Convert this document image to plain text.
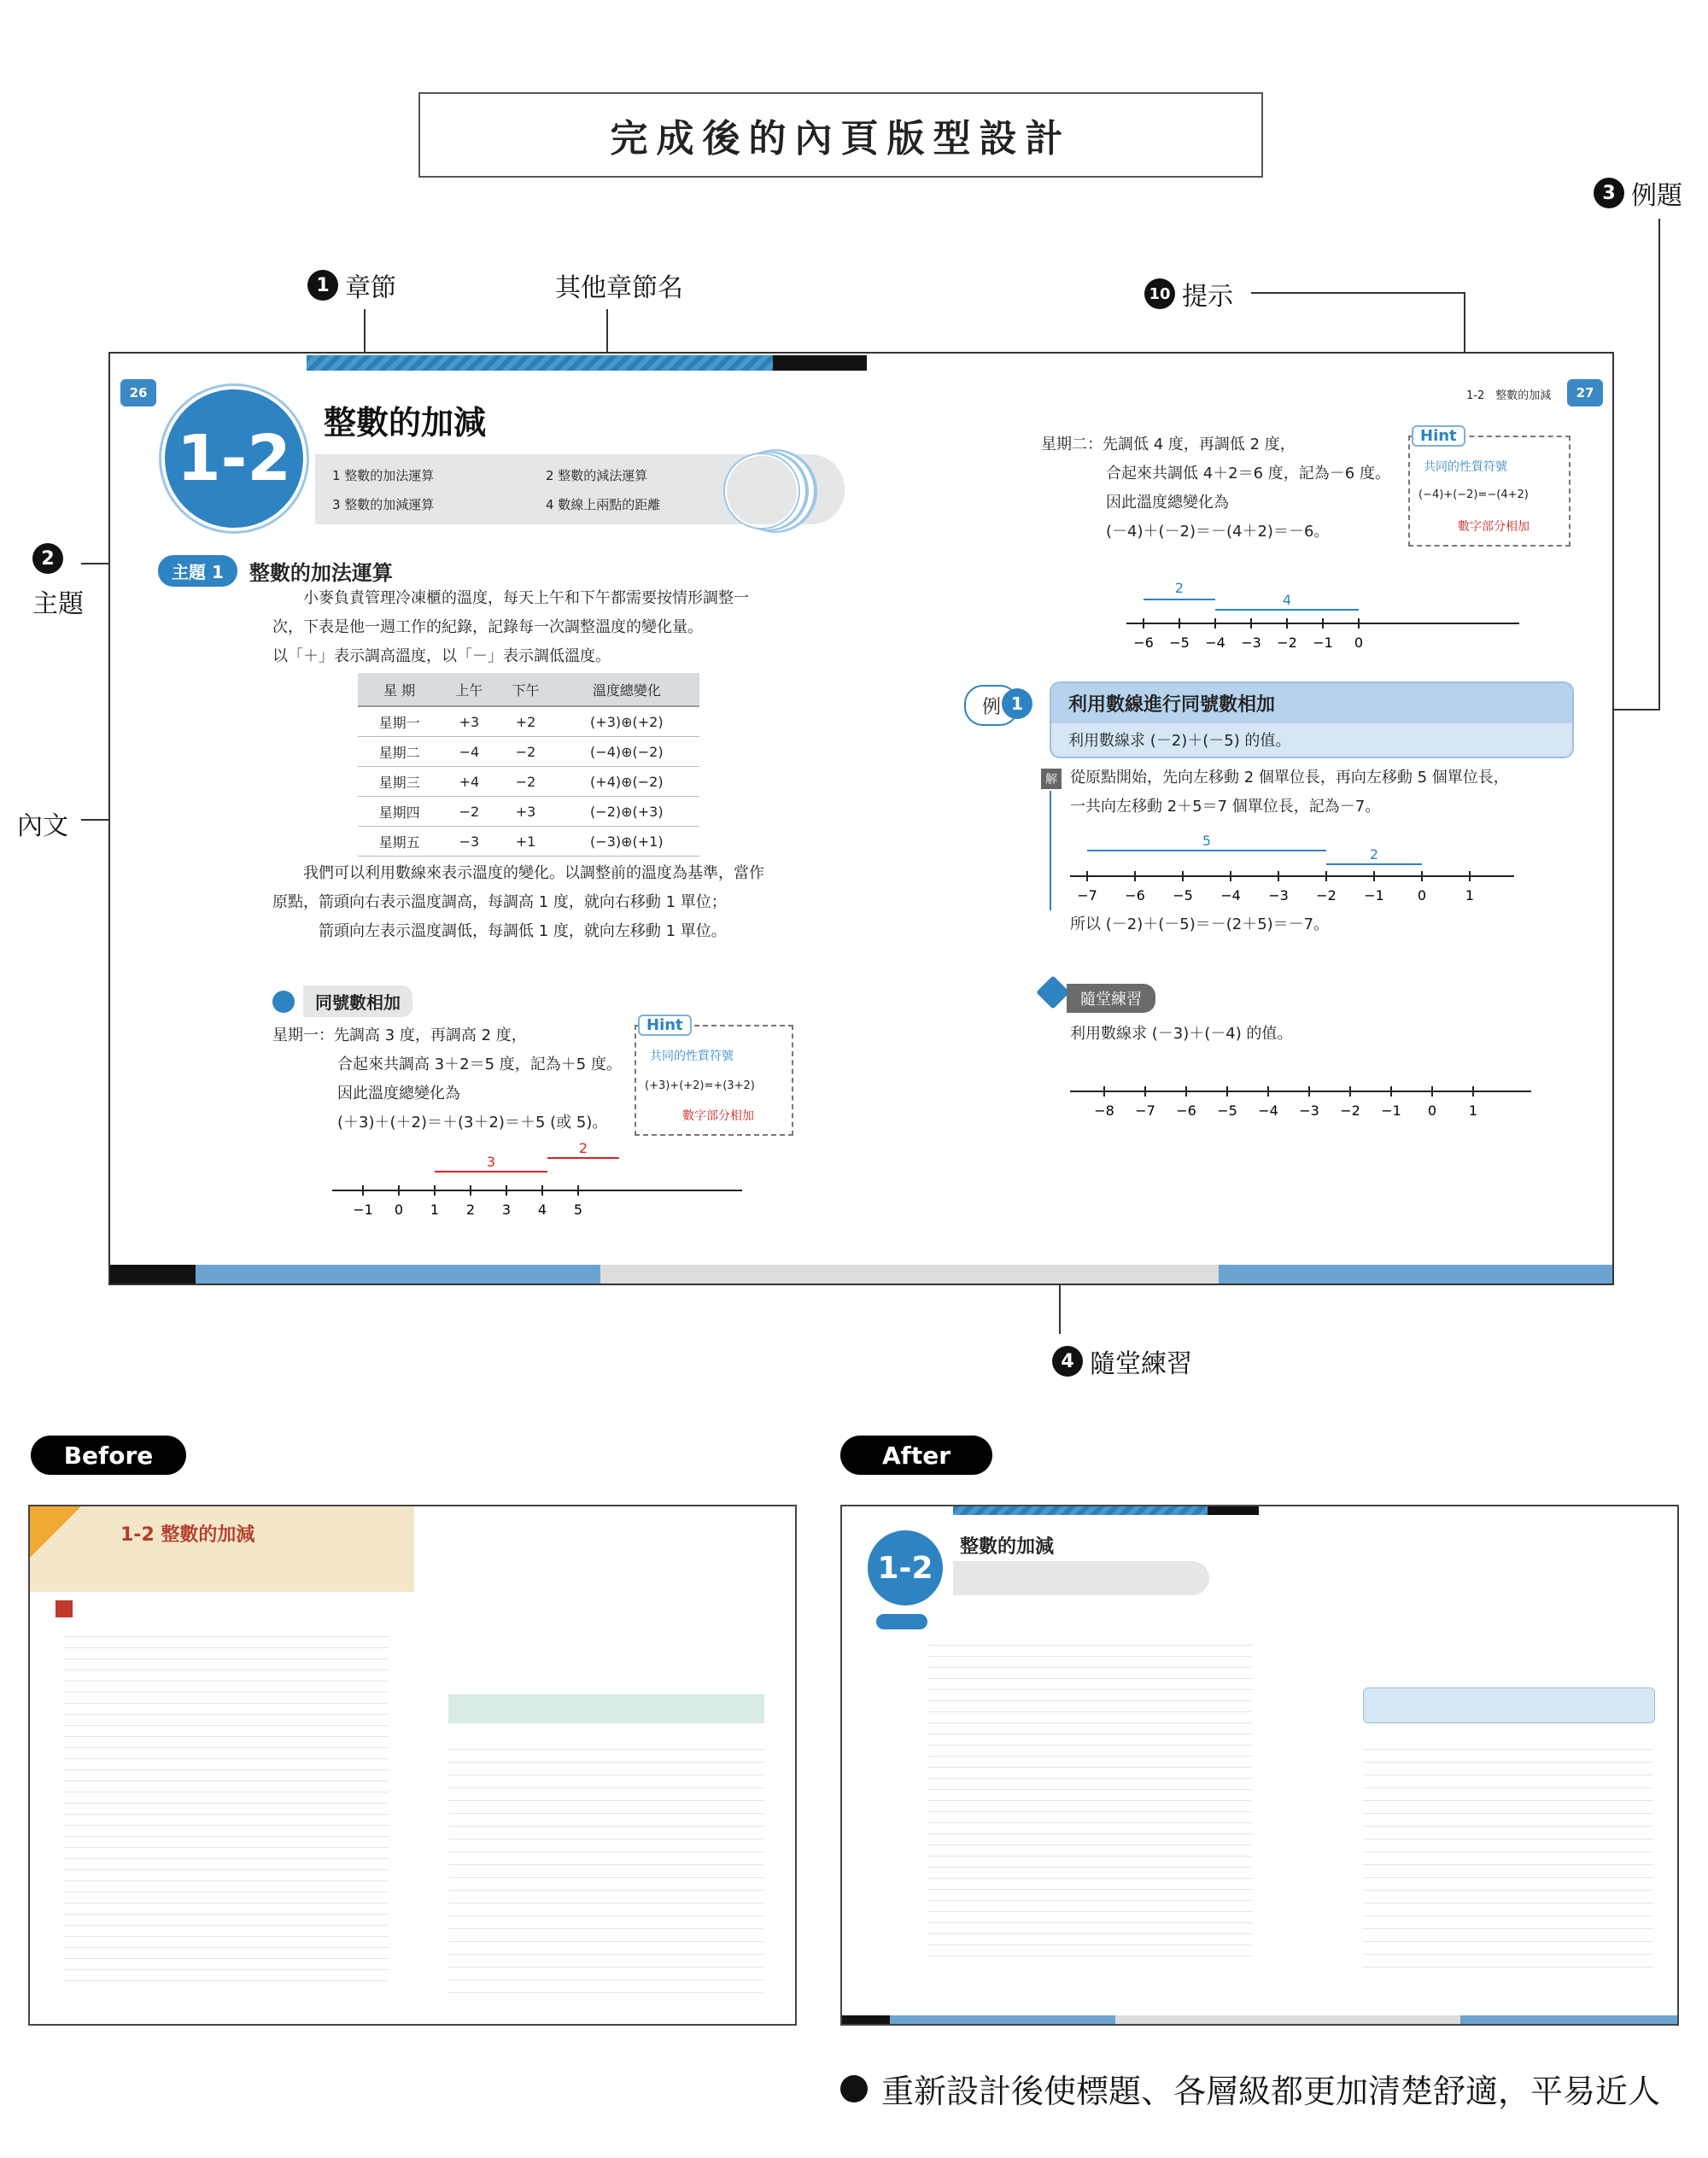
完成後的內頁版型設計
1 章節	其他章節名	10 提示
3 例題
2
主題
內文
4 隨堂練習
26
1-2	整數的加減
1 整數的加法運算	2 整數的減法運算
3 整數的加減運算	4 數線上兩點的距離
主題 1	整數的加法運算
小麥負責管理冷凍櫃的溫度，每天上午和下午都需要按情形調整一
次，下表是他一週工作的紀錄，記錄每一次調整溫度的變化量。
以「＋」表示調高溫度，以「－」表示調低溫度。
星 期	上午	下午	溫度總變化
星期一	+3	+2	(+3)⊕(+2)
星期二	−4	−2	(−4)⊕(−2)
星期三	+4	−2	(+4)⊕(−2)
星期四	−2	+3	(−2)⊕(+3)
星期五	−3	+1	(−3)⊕(+1)
我們可以利用數線來表示溫度的變化。以調整前的溫度為基準，當作
原點，箭頭向右表示溫度調高，每調高 1 度，就向右移動 1 單位；
箭頭向左表示溫度調低，每調低 1 度，就向左移動 1 單位。
同號數相加
星期一：先調高 3 度，再調高 2 度，
合起來共調高 3＋2＝5 度，記為＋5 度。
因此溫度總變化為
(＋3)＋(＋2)＝＋(3＋2)＝＋5 (或 5)。
Hint
共同的性質符號
(+3)+(+2)=+(3+2)
數字部分相加
−1 0 1 2 3 4 5
3
2
1-2　整數的加減	27
星期二：先調低 4 度，再調低 2 度，
合起來共調低 4＋2＝6 度，記為－6 度。
因此溫度總變化為
(－4)＋(－2)＝－(4＋2)＝－6。
Hint
共同的性質符號
(−4)+(−2)=−(4+2)
數字部分相加
−6 −5 −4 −3 −2 −1 0
2
4
例 1	利用數線進行同號數相加
利用數線求 (－2)＋(－5) 的值。
解 從原點開始，先向左移動 2 個單位長，再向左移動 5 個單位長，
一共向左移動 2＋5＝7 個單位長，記為－7。
−7 −6 −5 −4 −3 −2 −1 0	1
5
2
所以 (－2)＋(－5)＝－(2＋5)＝－7。
隨堂練習
利用數線求 (－3)＋(－4) 的值。
−8 −7 −6 −5 −4 −3 −2 −1 0 1
Before	After
1-2 整數的加減
1-2
整數的加減
重新設計後使標題、各層級都更加清楚舒適，平易近人
